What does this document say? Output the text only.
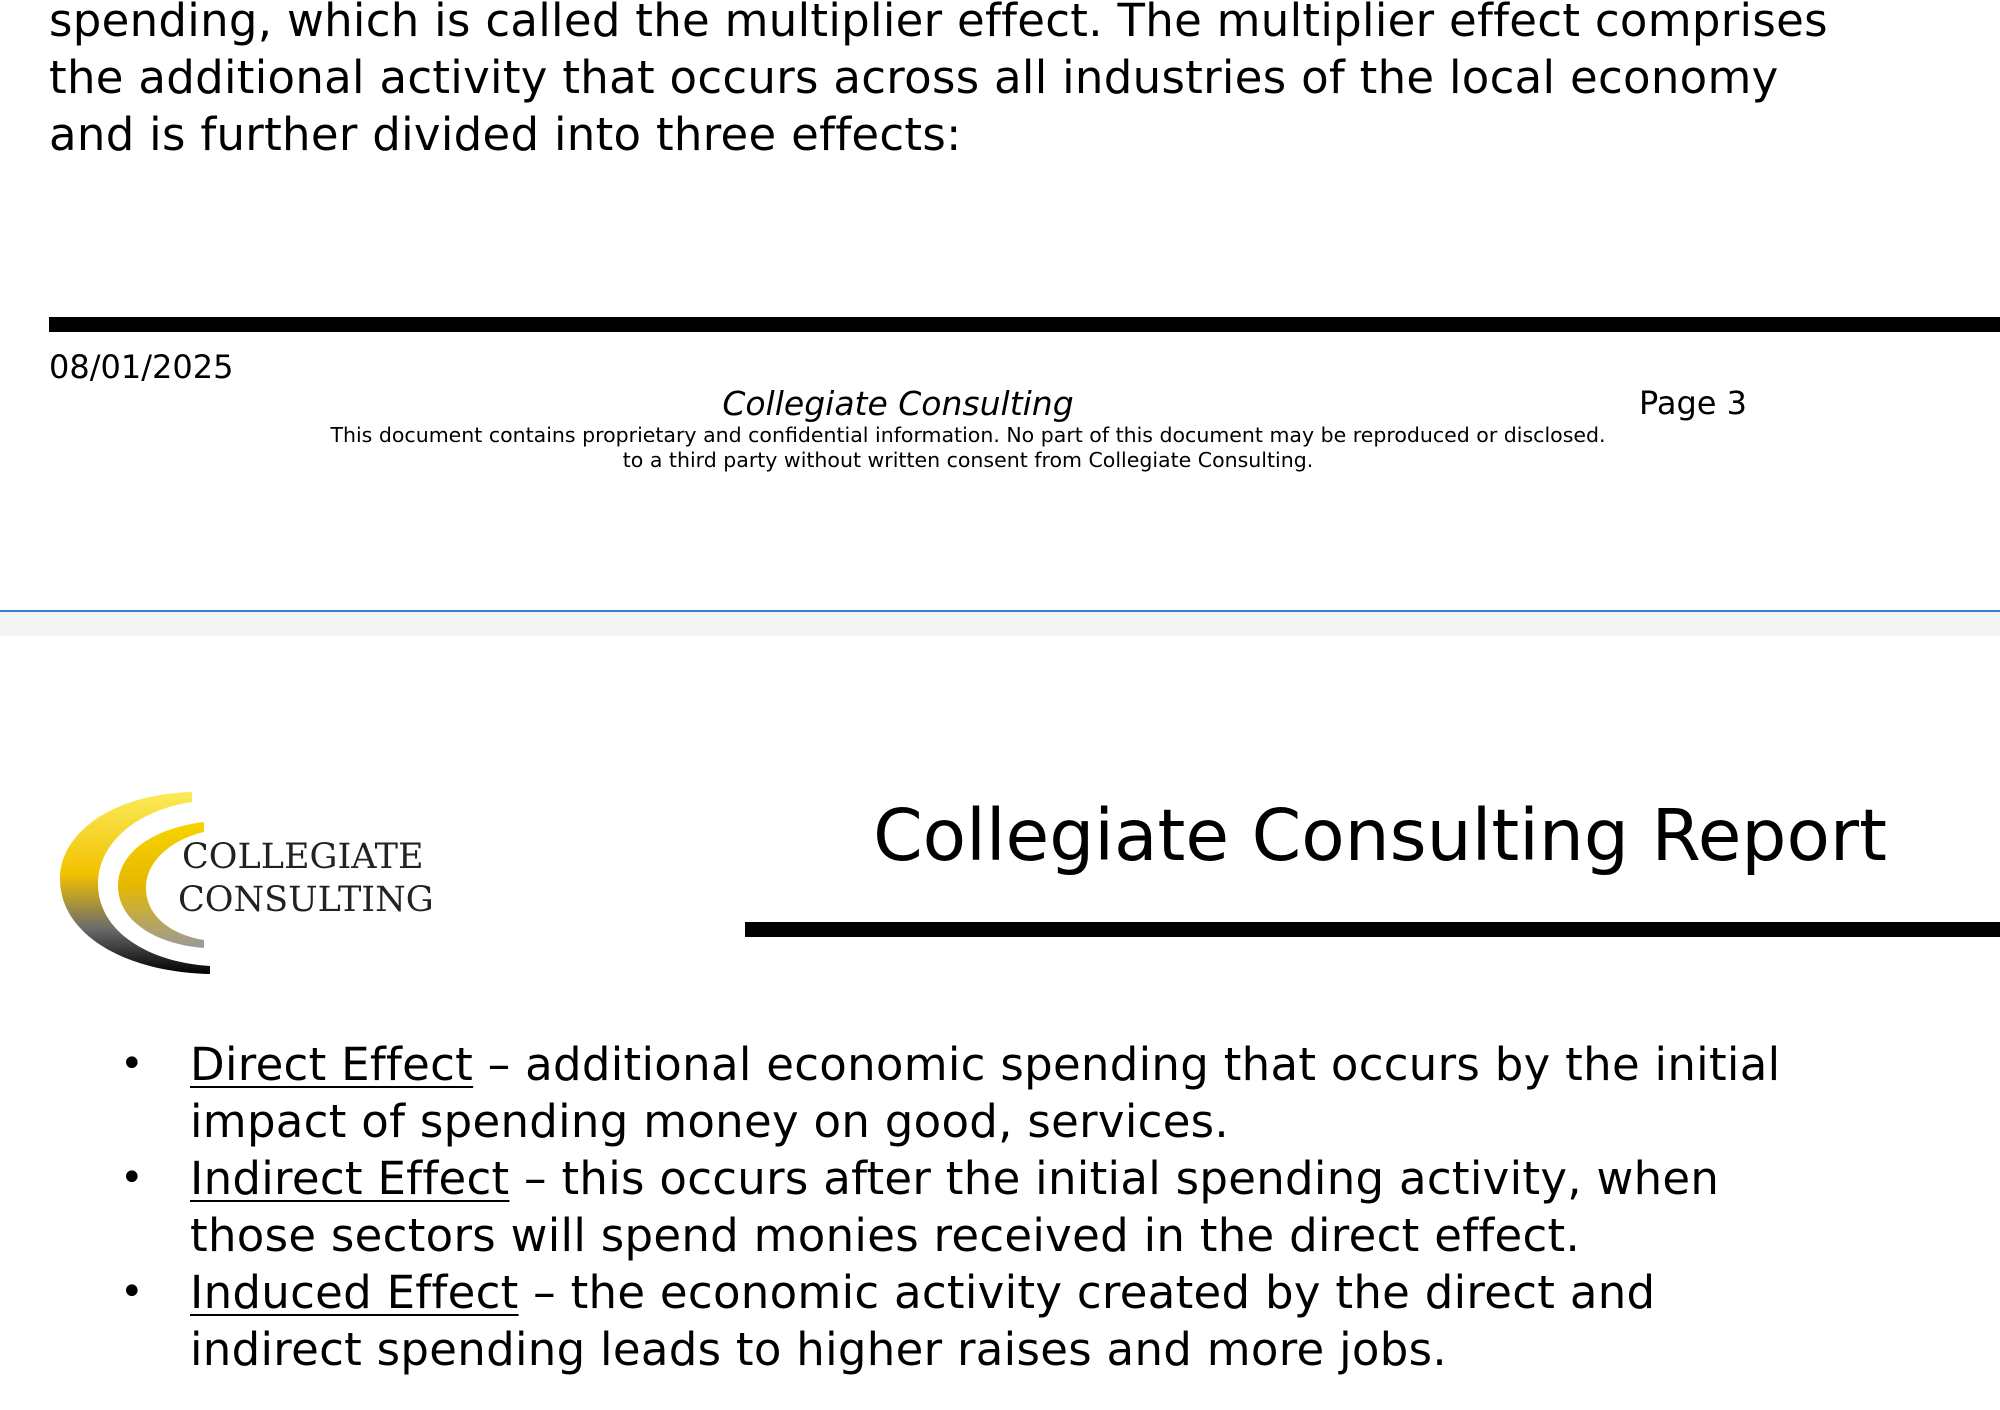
spending, which is called the multiplier effect. The multiplier effect comprises
the additional activity that occurs across all industries of the local economy
and is further divided into three effects:

08/01/2025
Collegiate Consulting	Page 3

This document contains proprietary and confidential information. No part of this document may be reproduced or disclosed.
to a third party without written consent from Collegiate Consulting.

COLLEGIATE
CONSULTING
Collegiate Consulting Report
• Direct Effect – additional economic spending that occurs by the initial
impact of spending money on good, services.
• Indirect Effect – this occurs after the initial spending activity, when
those sectors will spend monies received in the direct effect.
• Induced Effect – the economic activity created by the direct and
indirect spending leads to higher raises and more jobs.
